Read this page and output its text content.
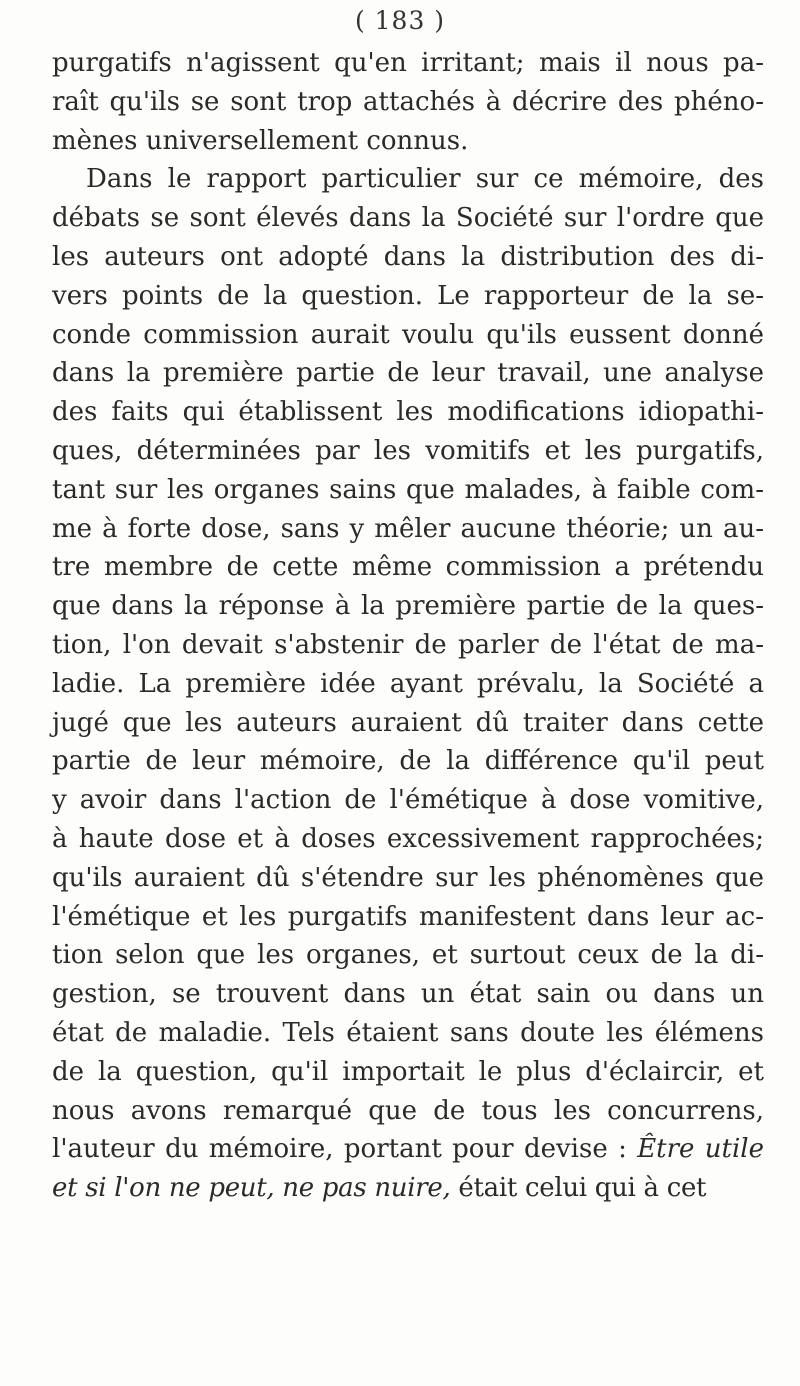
( 183 )
purgatifs n'agissent qu'en irritant; mais il nous pa-
raît qu'ils se sont trop attachés à décrire des phéno-
mènes universellement connus.
Dans le rapport particulier sur ce mémoire, des
débats se sont élevés dans la Société sur l'ordre que
les auteurs ont adopté dans la distribution des di-
vers points de la question. Le rapporteur de la se-
conde commission aurait voulu qu'ils eussent donné
dans la première partie de leur travail, une analyse
des faits qui établissent les modifications idiopathi-
ques, déterminées par les vomitifs et les purgatifs,
tant sur les organes sains que malades, à faible com-
me à forte dose, sans y mêler aucune théorie; un au-
tre membre de cette même commission a prétendu
que dans la réponse à la première partie de la ques-
tion, l'on devait s'abstenir de parler de l'état de ma-
ladie. La première idée ayant prévalu, la Société a
jugé que les auteurs auraient dû traiter dans cette
partie de leur mémoire, de la différence qu'il peut
y avoir dans l'action de l'émétique à dose vomitive,
à haute dose et à doses excessivement rapprochées;
qu'ils auraient dû s'étendre sur les phénomènes que
l'émétique et les purgatifs manifestent dans leur ac-
tion selon que les organes, et surtout ceux de la di-
gestion, se trouvent dans un état sain ou dans un
état de maladie. Tels étaient sans doute les élémens
de la question, qu'il importait le plus d'éclaircir, et
nous avons remarqué que de tous les concurrens,
l'auteur du mémoire, portant pour devise : Être utile
et si l'on ne peut, ne pas nuire, était celui qui à cet
